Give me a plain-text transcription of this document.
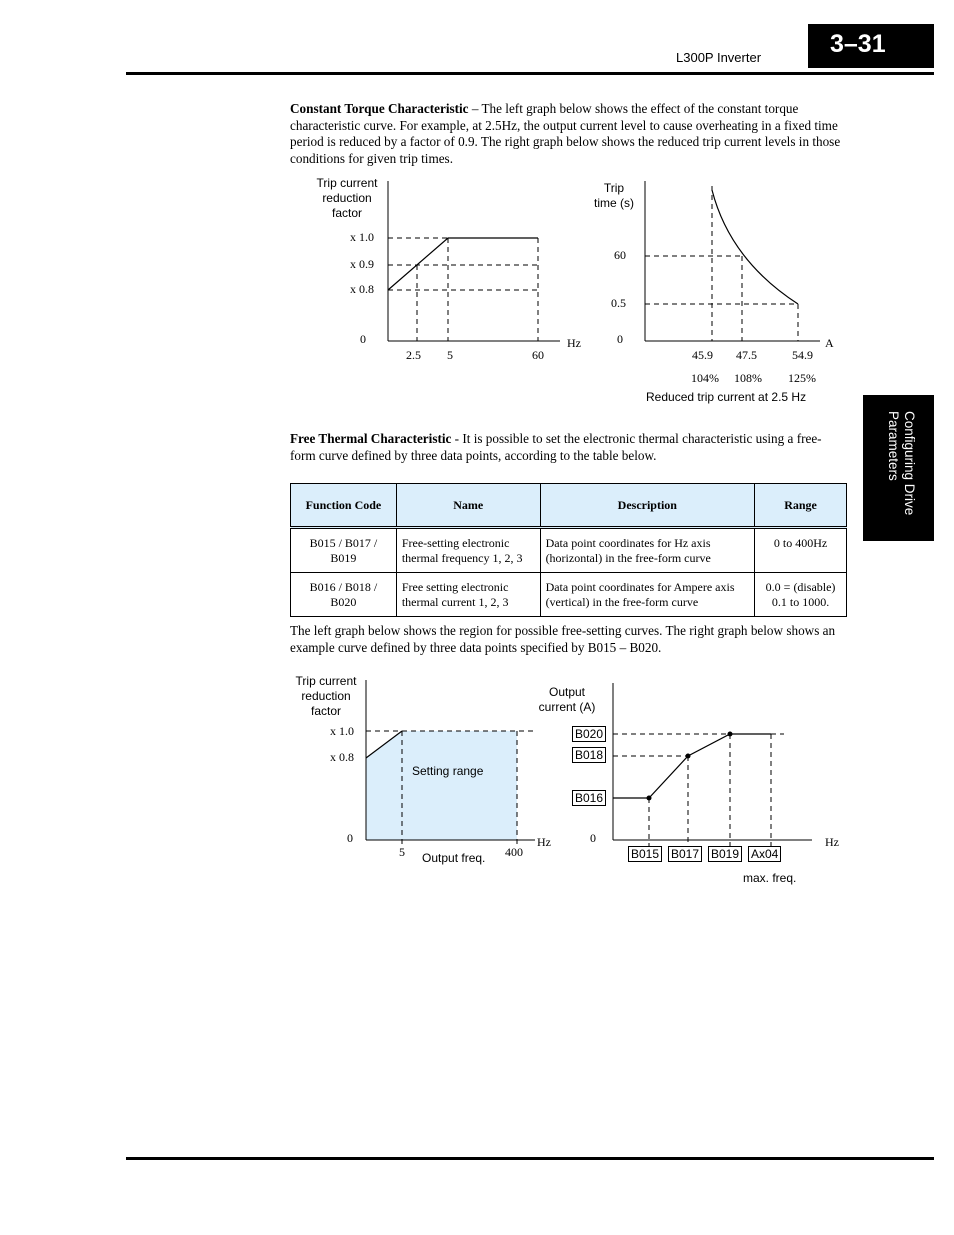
L300P Inverter	3–31
Configuring Drive Parameters
Constant Torque Characteristic – The left graph below shows the effect of the constant torque characteristic curve. For example, at 2.5Hz, the output current level to cause overheating in a fixed time period is reduced by a factor of 0.9. The right graph below shows the reduced trip current levels in those conditions for given trip times.
Trip current
reduction
factor
x 1.0
x 0.9
x 0.8
0
2.5 5	60
Hz
Trip
time (s)
60
0.5
0	A
45.9 47.5	54.9
104% 108% 125%
Reduced trip current at 2.5 Hz
Free Thermal Characteristic - It is possible to set the electronic thermal characteristic using a free-form curve defined by three data points, according to the table below.
Function Code	Name	Description	Range
B015 / B017 / B019	Free-setting electronic thermal frequency 1, 2, 3	Data point coordinates for Hz axis (horizontal) in the free-form curve	0 to 400Hz
B016 / B018 / B020	Free setting electronic thermal current 1, 2, 3	Data point coordinates for Ampere axis (vertical) in the free-form curve	0.0 = (disable) 0.1 to 1000.
The left graph below shows the region for possible free-setting curves. The right graph below shows an example curve defined by three data points specified by B015 – B020.
Trip current
reduction
factor
x 1.0
x 0.8
0
Setting range
5	400
Hz
Output freq.
Output
current (A)
B020
B018
B016
0
B015 B017 B019 Ax04
Hz
max. freq.
